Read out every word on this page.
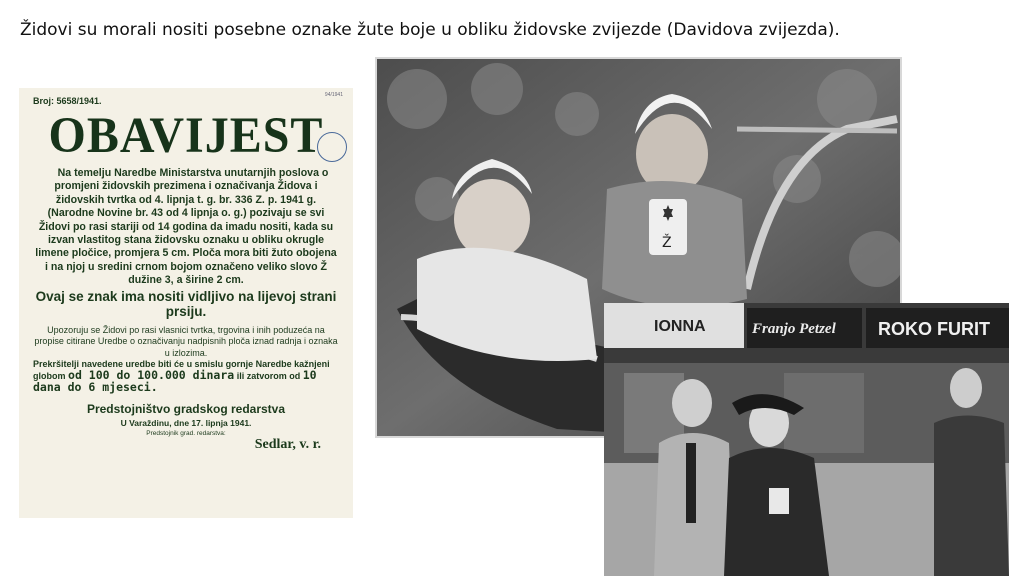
Židovi su morali nositi posebne oznake žute boje u obliku židovske zvijezde (Davidova zvijezda).
94/1941
Broj: 5658/1941.
OBAVIJEST
Na temelju Naredbe Ministarstva unutarnjih poslova o promjeni židovskih prezimena i označivanja Židova i židovskih tvrtka od 4. lipnja t. g. br. 336 Z. p. 1941 g. (Narodne Novine br. 43 od 4 lipnja o. g.) pozivaju se svi Židovi po rasi stariji od 14 godina da imadu nositi, kada su izvan vlastitog stana židovsku oznaku u obliku okrugle limene pločice, promjera 5 cm. Ploča mora biti žuto obojena i na njoj u sredini crnom bojom označeno veliko slovo Ž dužine 3, a širine 2 cm.
Ovaj se znak ima nositi vidljivo na lijevoj strani prsiju.
Upozoruju se Židovi po rasi vlasnici tvrtka, trgovina i inih poduzeća na propise citirane Uredbe o označivanju nadpisnih ploča iznad radnja i oznaka u izlozima.
Prekršitelji navedene uredbe biti će u smislu gornje Naredbe kažnjeni globom od 100 do 100.000 dinara ili zatvorom od 10 dana do 6 mjeseci.
Predstojništvo gradskog redarstva
U Varaždinu, dne 17. lipnja 1941.
Predstojnik grad. redarstva:
Sedlar, v. r.
Ž
IONNA	Franjo Petzel ROKO FURIT
